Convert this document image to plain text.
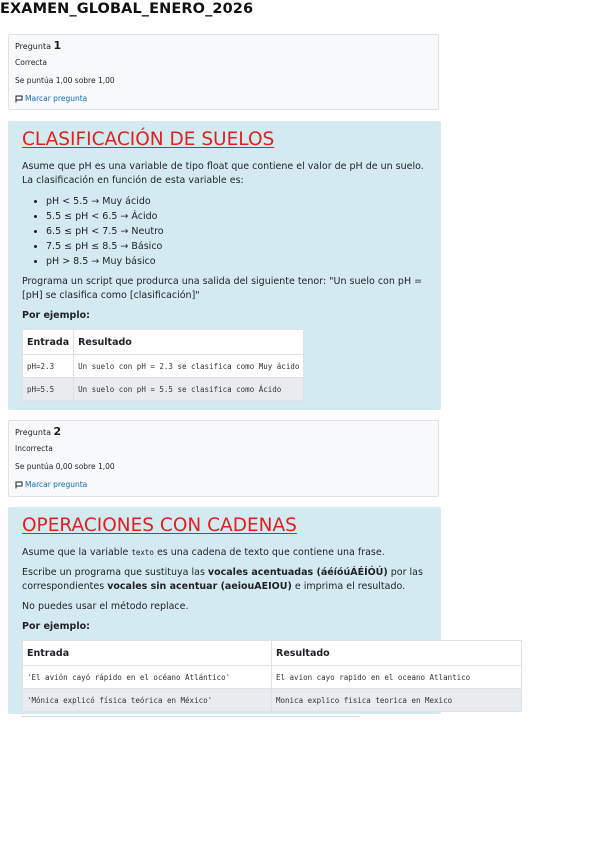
EXAMEN_GLOBAL_ENERO_2026

Pregunta 1

Correcta

Se puntúa 1,00 sobre 1,00

Marcar pregunta

CLASIFICACIÓN DE SUELOS

Asume que pH es una variable de tipo float que contiene el valor de pH de un suelo. La clasificación en función de esta variable es:

• pH < 5.5 → Muy ácido
• 5.5 ≤ pH < 6.5 → Ácido
• 6.5 ≤ pH < 7.5 → Neutro
• 7.5 ≤ pH ≤ 8.5 → Básico
• pH > 8.5 → Muy básico

Programa un script que produrca una salida del siguiente tenor: "Un suelo con pH = [pH] se clasifica como [clasificación]"

Por ejemplo:

Entrada	Resultado
pH=2.3	Un suelo con pH = 2.3 se clasifica como Muy ácido
pH=5.5	Un suelo con pH = 5.5 se clasifica como Ácido

Pregunta 2

Incorrecta

Se puntúa 0,00 sobre 1,00

Marcar pregunta

OPERACIONES CON CADENAS

Asume que la variable texto es una cadena de texto que contiene una frase.

Escribe un programa que sustituya las vocales acentuadas (áéíóúÁÉÍÓÚ) por las correspondientes vocales sin acentuar (aeiouAEIOU) e imprima el resultado.

No puedes usar el método replace.

Por ejemplo:

Entrada	Resultado
'El avión cayó rápido en el océano Atlántico'	El avion cayo rapido en el oceano Atlantico
'Mónica explicó física teórica en México'	Monica explico fisica teorica en Mexico
